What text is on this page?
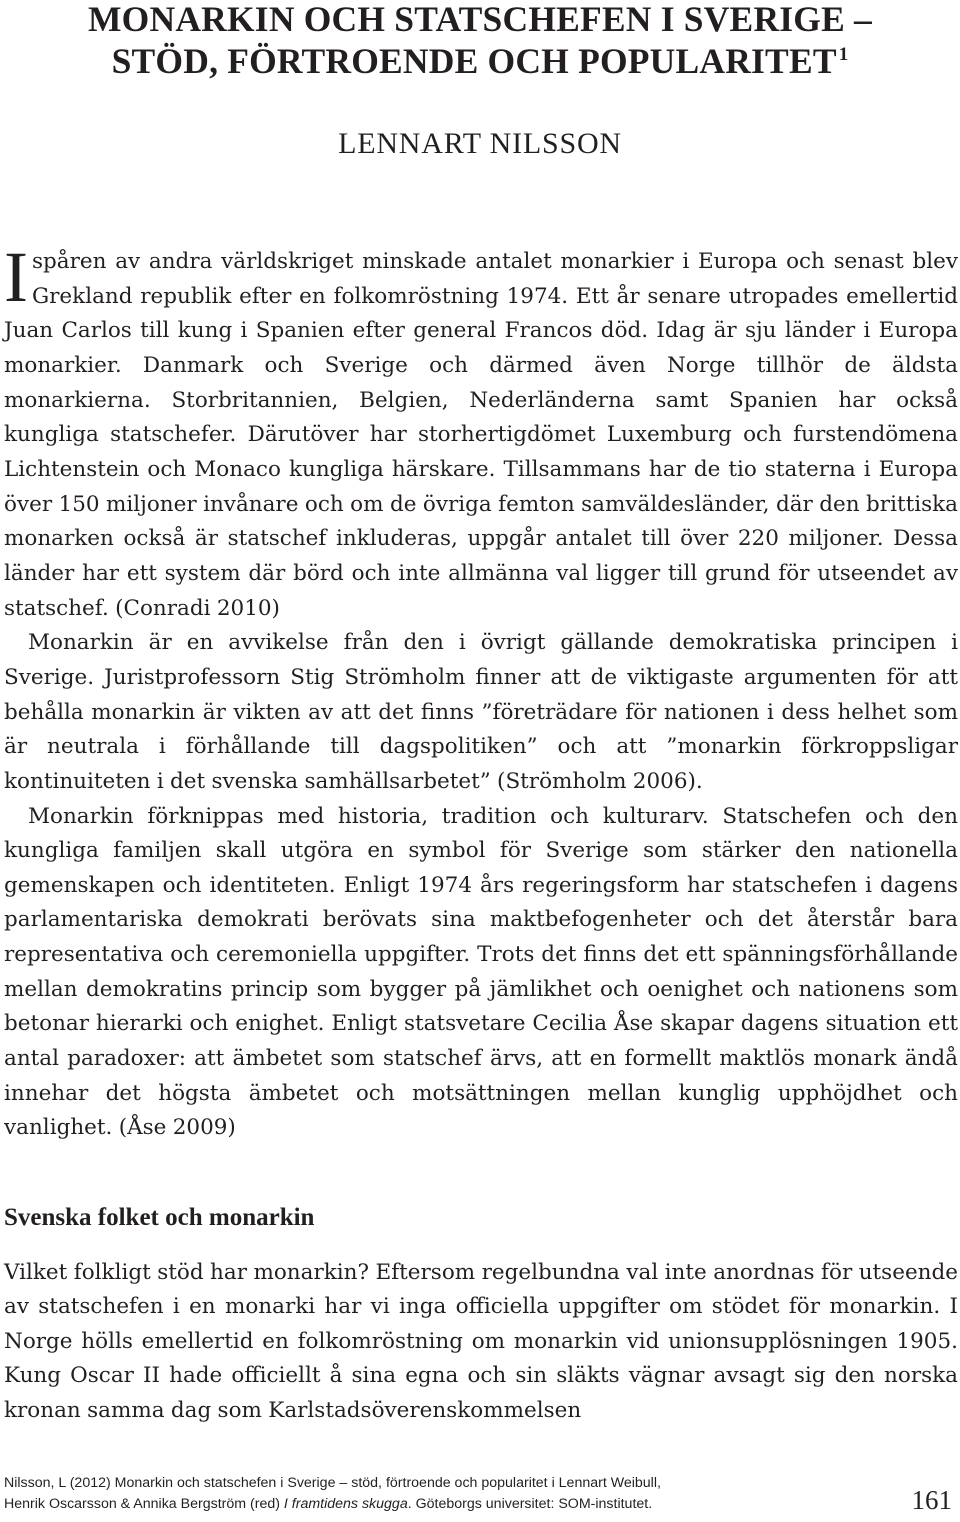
MONARKIN OCH STATSCHEFEN I SVERIGE –
STÖD, FÖRTROENDE OCH POPULARITET $^1$
LENNART NILSSON

Ispåren av andra världskriget minskade antalet monarkier i Europa och senast blev Grekland republik efter en folkomröstning 1974. Ett år senare utropades emellertid Juan Carlos till kung i Spanien efter general Francos död. Idag är sju länder i Europa monarkier. Danmark och Sverige och därmed även Norge tillhör de äldsta monarkierna. Storbritannien, Belgien, Nederländerna samt Spanien har också kungliga statschefer. Därutöver har storhertigdömet Luxemburg och furstendömena Lichtenstein och Monaco kungliga härskare. Tillsammans har de tio staterna i Europa över 150 miljoner invånare och om de övriga femton samväldesländer, där den brittiska monarken också är statschef inkluderas, uppgår antalet till över 220 miljoner. Dessa länder har ett system där börd och inte allmänna val ligger till grund för utseendet av statschef. (Conradi 2010)

Monarkin är en avvikelse från den i övrigt gällande demokratiska principen i Sverige. Juristprofessorn Stig Strömholm finner att de viktigaste argumenten för att behålla monarkin är vikten av att det finns ”företrädare för nationen i dess helhet som är neutrala i förhållande till dagspolitiken” och att ”monarkin förkroppsligar kontinuiteten i det svenska samhällsarbetet” (Strömholm 2006).

Monarkin förknippas med historia, tradition och kulturarv. Statschefen och den kungliga familjen skall utgöra en symbol för Sverige som stärker den nationella gemenskapen och identiteten. Enligt 1974 års regeringsform har statschefen i dagens parlamentariska demokrati berövats sina maktbefogenheter och det återstår bara representativa och ceremoniella uppgifter. Trots det finns det ett spänningsförhållande mellan demokratins princip som bygger på jämlikhet och oenighet och nationens som betonar hierarki och enighet. Enligt statsvetare Cecilia Åse skapar dagens situation ett antal paradoxer: att ämbetet som statschef ärvs, att en formellt maktlös monark ändå innehar det högsta ämbetet och motsättningen mellan kunglig upphöjdhet och vanlighet. (Åse 2009)

Svenska folket och monarkin

Vilket folkligt stöd har monarkin? Eftersom regelbundna val inte anordnas för utseende av statschefen i en monarki har vi inga officiella uppgifter om stödet för monarkin. I Norge hölls emellertid en folkomröstning om monarkin vid unionsupplösningen 1905. Kung Oscar II hade officiellt å sina egna och sin släkts vägnar avsagt sig den norska kronan samma dag som Karlstadsöverenskommelsen

Nilsson, L (2012) Monarkin och statschefen i Sverige – stöd, förtroende och popularitet i Lennart Weibull,
Henrik Oscarsson & Annika Bergström (red) I framtidens skugga. Göteborgs universitet: SOM-institutet.	161
